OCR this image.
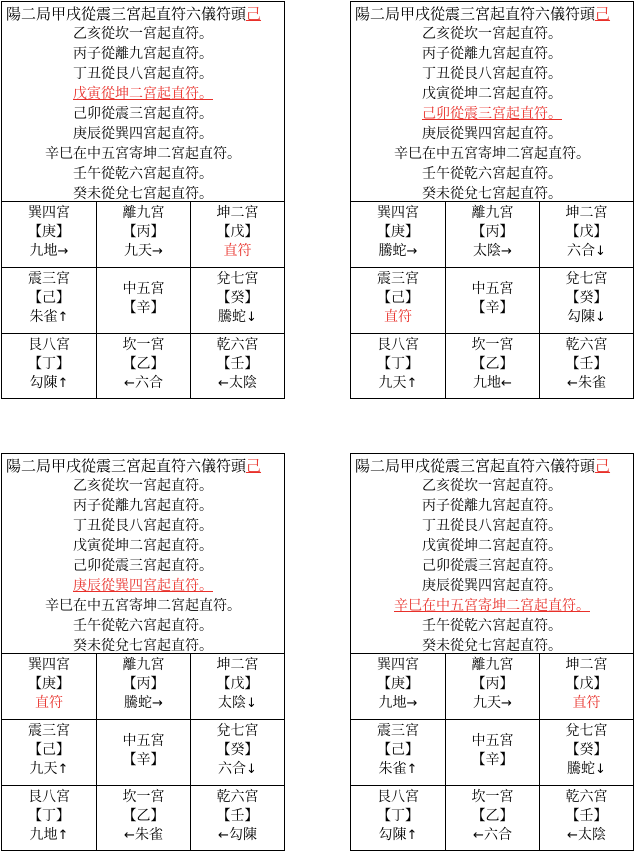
陽二局甲戌從震三宮起直符六儀符頭己
乙亥從坎一宮起直符。
丙子從離九宮起直符。
丁丑從艮八宮起直符。
戊寅從坤二宮起直符。
己卯從震三宮起直符。
庚辰從巽四宮起直符。
辛巳在中五宮寄坤二宮起直符。
壬午從乾六宮起直符。
癸未從兌七宮起直符。
巽四宮
【庚】
九地→
離九宮
【丙】
九天→
坤二宮
【戊】
直符
震三宮
【己】
朱雀↑
中五宮
【辛】
兌七宮
【癸】
騰蛇↓
艮八宮
【丁】
勾陳↑
坎一宮
【乙】
←六合
乾六宮
【壬】
←太陰
陽二局甲戌從震三宮起直符六儀符頭己
乙亥從坎一宮起直符。
丙子從離九宮起直符。
丁丑從艮八宮起直符。
戊寅從坤二宮起直符。
己卯從震三宮起直符。
庚辰從巽四宮起直符。
辛巳在中五宮寄坤二宮起直符。
壬午從乾六宮起直符。
癸未從兌七宮起直符。
巽四宮
【庚】
騰蛇→
離九宮
【丙】
太陰→
坤二宮
【戊】
六合↓
震三宮
【己】
直符
中五宮
【辛】
兌七宮
【癸】
勾陳↓
艮八宮
【丁】
九天↑
坎一宮
【乙】
九地←
乾六宮
【壬】
←朱雀
陽二局甲戌從震三宮起直符六儀符頭己
乙亥從坎一宮起直符。
丙子從離九宮起直符。
丁丑從艮八宮起直符。
戊寅從坤二宮起直符。
己卯從震三宮起直符。
庚辰從巽四宮起直符。
辛巳在中五宮寄坤二宮起直符。
壬午從乾六宮起直符。
癸未從兌七宮起直符。
巽四宮
【庚】
直符
離九宮
【丙】
騰蛇→
坤二宮
【戊】
太陰↓
震三宮
【己】
九天↑
中五宮
【辛】
兌七宮
【癸】
六合↓
艮八宮
【丁】
九地↑
坎一宮
【乙】
←朱雀
乾六宮
【壬】
←勾陳
陽二局甲戌從震三宮起直符六儀符頭己
乙亥從坎一宮起直符。
丙子從離九宮起直符。
丁丑從艮八宮起直符。
戊寅從坤二宮起直符。
己卯從震三宮起直符。
庚辰從巽四宮起直符。
辛巳在中五宮寄坤二宮起直符。
壬午從乾六宮起直符。
癸未從兌七宮起直符。
巽四宮
【庚】
九地→
離九宮
【丙】
九天→
坤二宮
【戊】
直符
震三宮
【己】
朱雀↑
中五宮
【辛】
兌七宮
【癸】
騰蛇↓
艮八宮
【丁】
勾陳↑
坎一宮
【乙】
←六合
乾六宮
【壬】
←太陰
